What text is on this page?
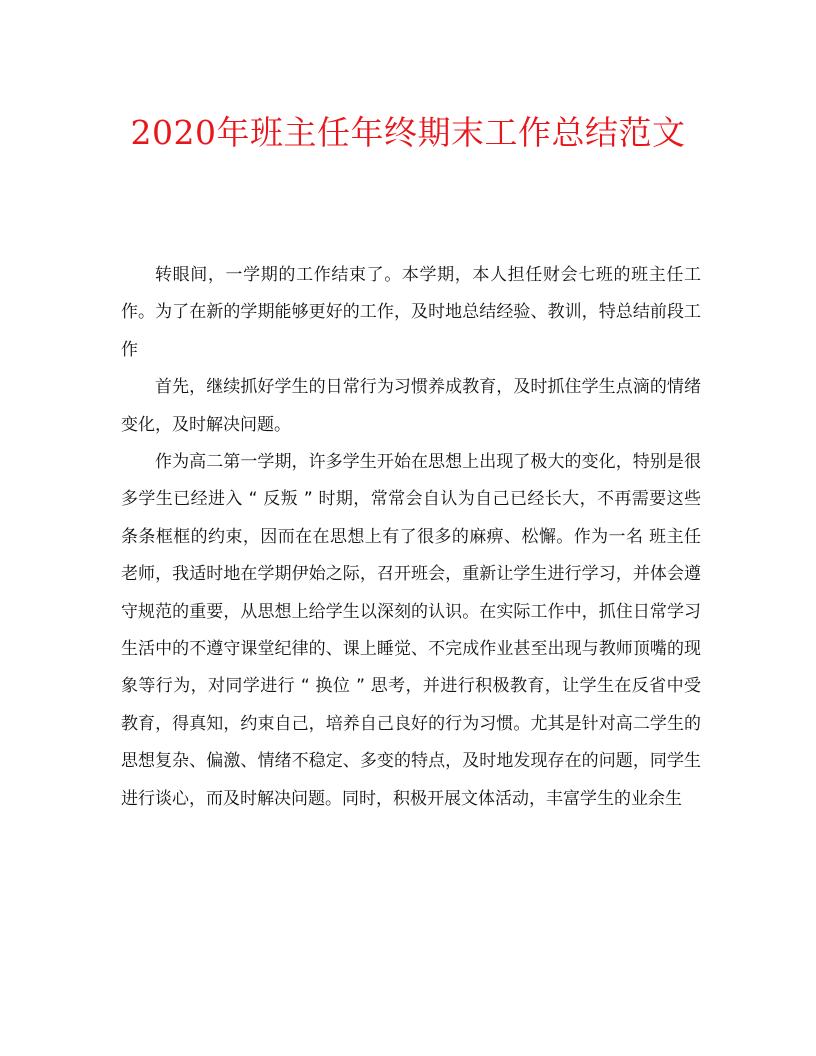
2020年班主任年终期末工作总结范文

转眼间，一学期的工作结束了。本学期，本人担任财会七班的班主任工作。为了在新的学期能够更好的工作，及时地总结经验、教训，特总结前段工作

首先，继续抓好学生的日常行为习惯养成教育，及时抓住学生点滴的情绪变化，及时解决问题。

作为高二第一学期，许多学生开始在思想上出现了极大的变化，特别是很多学生已经进入 “ 反叛 ” 时期，常常会自认为自己已经长大，不再需要这些条条框框的约束，因而在在思想上有了很多的麻痹、松懈。作为一名 班主任 老师，我适时地在学期伊始之际，召开班会，重新让学生进行学习，并体会遵守规范的重要，从思想上给学生以深刻的认识。在实际工作中，抓住日常学习生活中的不遵守课堂纪律的、课上睡觉、不完成作业甚至出现与教师顶嘴的现象等行为，对同学进行 “ 换位 ” 思考，并进行积极教育，让学生在反省中受教育，得真知，约束自己，培养自己良好的行为习惯。尤其是针对高二学生的思想复杂、偏激、情绪不稳定、多变的特点，及时地发现存在的问题，同学生进行谈心，而及时解决问题。同时，积极开展文体活动，丰富学生的业余生
